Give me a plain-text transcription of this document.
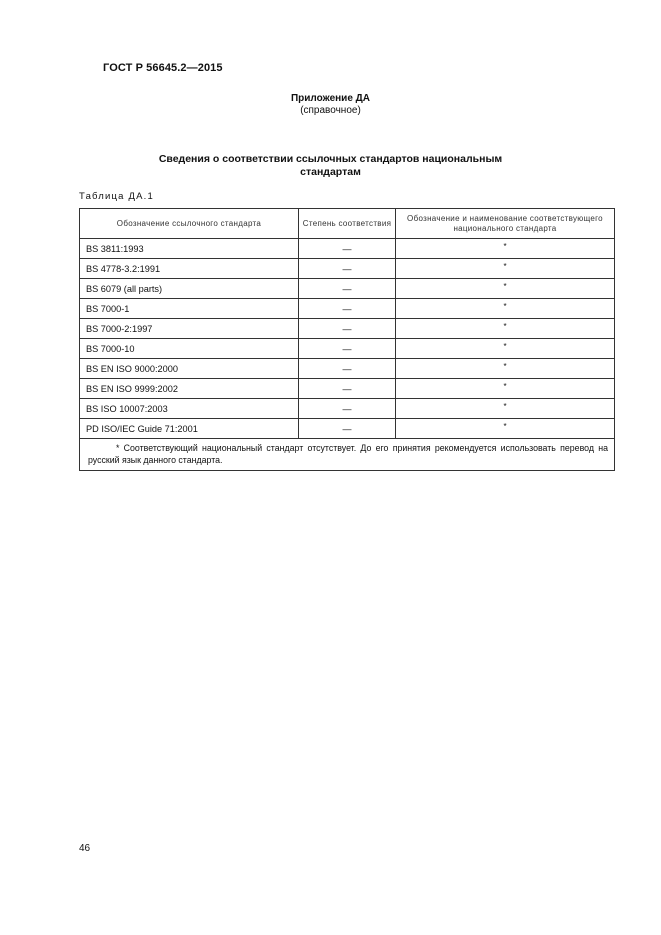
ГОСТ Р 56645.2—2015
Приложение ДА
(справочное)
Сведения о соответствии ссылочных стандартов национальным стандартам
Таблица ДА.1
Обозначение ссылочного стандарта	Степень соответствия	Обозначение и наименование соответствующего национального стандарта
BS 3811:1993	—	*
BS 4778-3.2:1991	—	*
BS 6079 (all parts)	—	*
BS 7000-1	—	*
BS 7000-2:1997	—	*
BS 7000-10	—	*
BS EN ISO 9000:2000	—	*
BS EN ISO 9999:2002	—	*
BS ISO 10007:2003	—	*
PD ISO/IEC Guide 71:2001	—	*
* Соответствующий национальный стандарт отсутствует. До его принятия рекомендуется использовать перевод на русский язык данного стандарта.		
46
